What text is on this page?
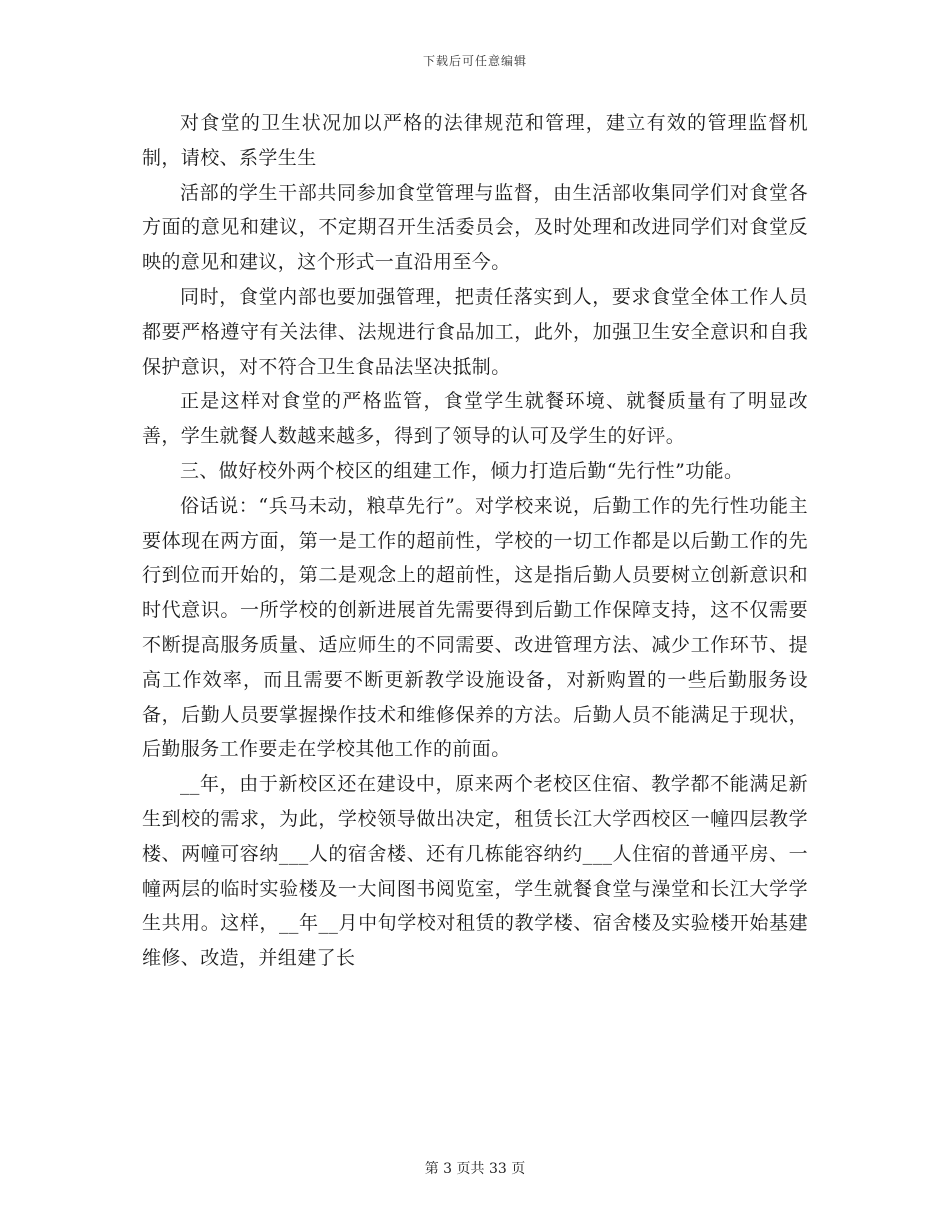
下载后可任意编辑

对食堂的卫生状况加以严格的法律规范和管理，建立有效的管理监督机制，请校、系学生生

活部的学生干部共同参加食堂管理与监督，由生活部收集同学们对食堂各方面的意见和建议，不定期召开生活委员会，及时处理和改进同学们对食堂反映的意见和建议，这个形式一直沿用至今。

同时，食堂内部也要加强管理，把责任落实到人，要求食堂全体工作人员都要严格遵守有关法律、法规进行食品加工，此外，加强卫生安全意识和自我保护意识，对不符合卫生食品法坚决抵制。

正是这样对食堂的严格监管，食堂学生就餐环境、就餐质量有了明显改善，学生就餐人数越来越多，得到了领导的认可及学生的好评。

三、做好校外两个校区的组建工作，倾力打造后勤“先行性”功能。

俗话说：“兵马未动，粮草先行”。对学校来说，后勤工作的先行性功能主要体现在两方面，第一是工作的超前性，学校的一切工作都是以后勤工作的先行到位而开始的，第二是观念上的超前性，这是指后勤人员要树立创新意识和时代意识。一所学校的创新进展首先需要得到后勤工作保障支持，这不仅需要不断提高服务质量、适应师生的不同需要、改进管理方法、减少工作环节、提高工作效率，而且需要不断更新教学设施设备，对新购置的一些后勤服务设备，后勤人员要掌握操作技术和维修保养的方法。后勤人员不能满足于现状，后勤服务工作要走在学校其他工作的前面。

__年，由于新校区还在建设中，原来两个老校区住宿、教学都不能满足新生到校的需求，为此，学校领导做出决定，租赁长江大学西校区一幢四层教学楼、两幢可容纳___人的宿舍楼、还有几栋能容纳约___人住宿的普通平房、一幢两层的临时实验楼及一大间图书阅览室，学生就餐食堂与澡堂和长江大学学生共用。这样，__年__月中旬学校对租赁的教学楼、宿舍楼及实验楼开始基建维修、改造，并组建了长

第 3 页共 33 页
